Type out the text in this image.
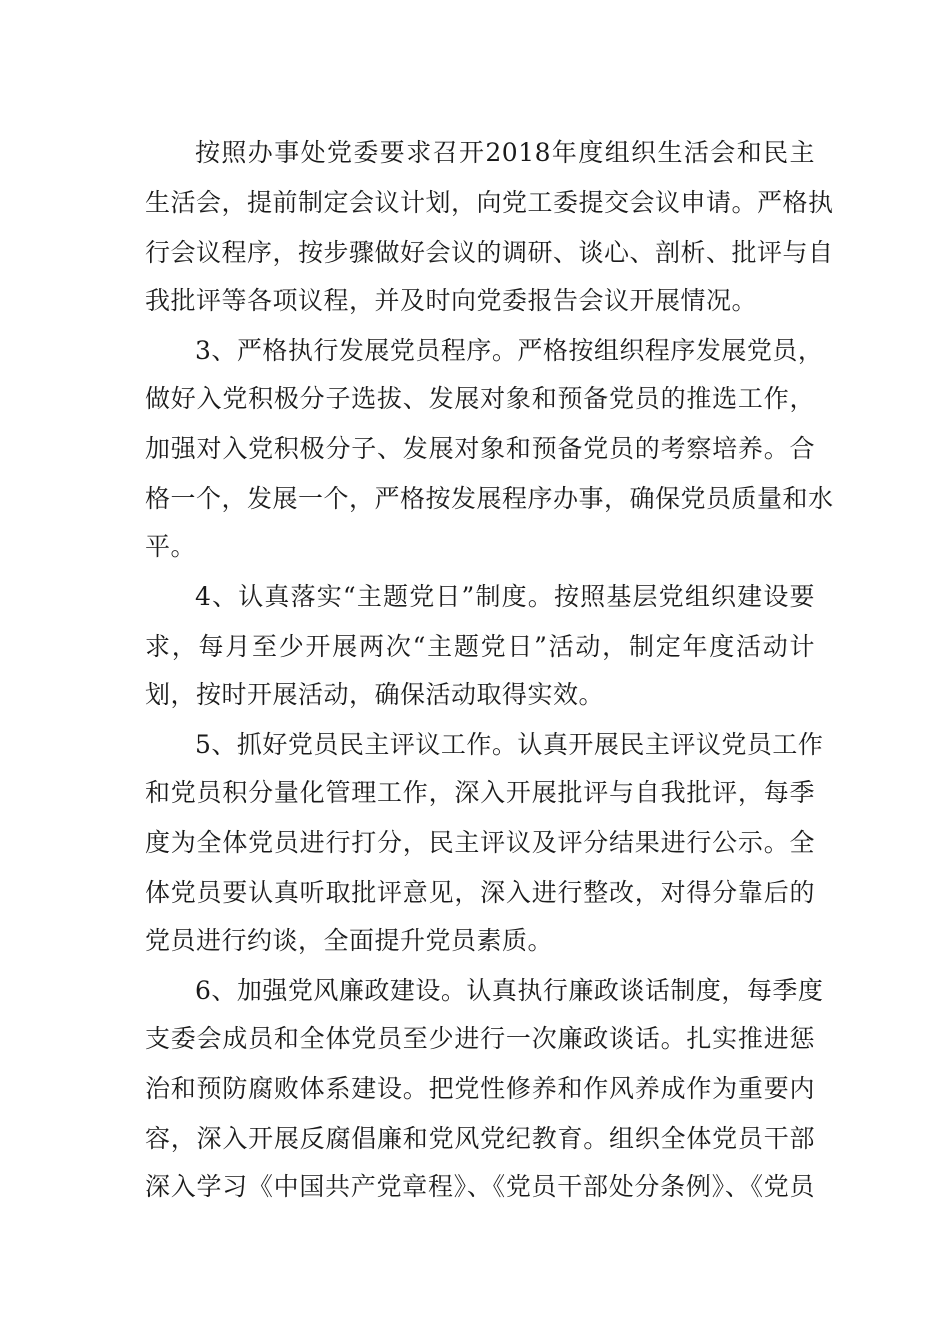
按照办事处党委要求召开2018年度组织生活会和民主
生活会，提前制定会议计划，向党工委提交会议申请。严格执
行会议程序，按步骤做好会议的调研、谈心、剖析、批评与自
我批评等各项议程，并及时向党委报告会议开展情况。
3、严格执行发展党员程序。严格按组织程序发展党员，
做好入党积极分子选拔、发展对象和预备党员的推选工作，
加强对入党积极分子、发展对象和预备党员的考察培养。合
格一个，发展一个，严格按发展程序办事，确保党员质量和水
平。
4、认真落实“主题党日”制度。按照基层党组织建设要
求，每月至少开展两次“主题党日”活动，制定年度活动计
划，按时开展活动，确保活动取得实效。
5、抓好党员民主评议工作。认真开展民主评议党员工作
和党员积分量化管理工作，深入开展批评与自我批评，每季
度为全体党员进行打分，民主评议及评分结果进行公示。全
体党员要认真听取批评意见，深入进行整改，对得分靠后的
党员进行约谈，全面提升党员素质。
6、加强党风廉政建设。认真执行廉政谈话制度，每季度
支委会成员和全体党员至少进行一次廉政谈话。扎实推进惩
治和预防腐败体系建设。把党性修养和作风养成作为重要内
容，深入开展反腐倡廉和党风党纪教育。组织全体党员干部
深入学习《中国共产党章程》、《党员干部处分条例》、《党员
